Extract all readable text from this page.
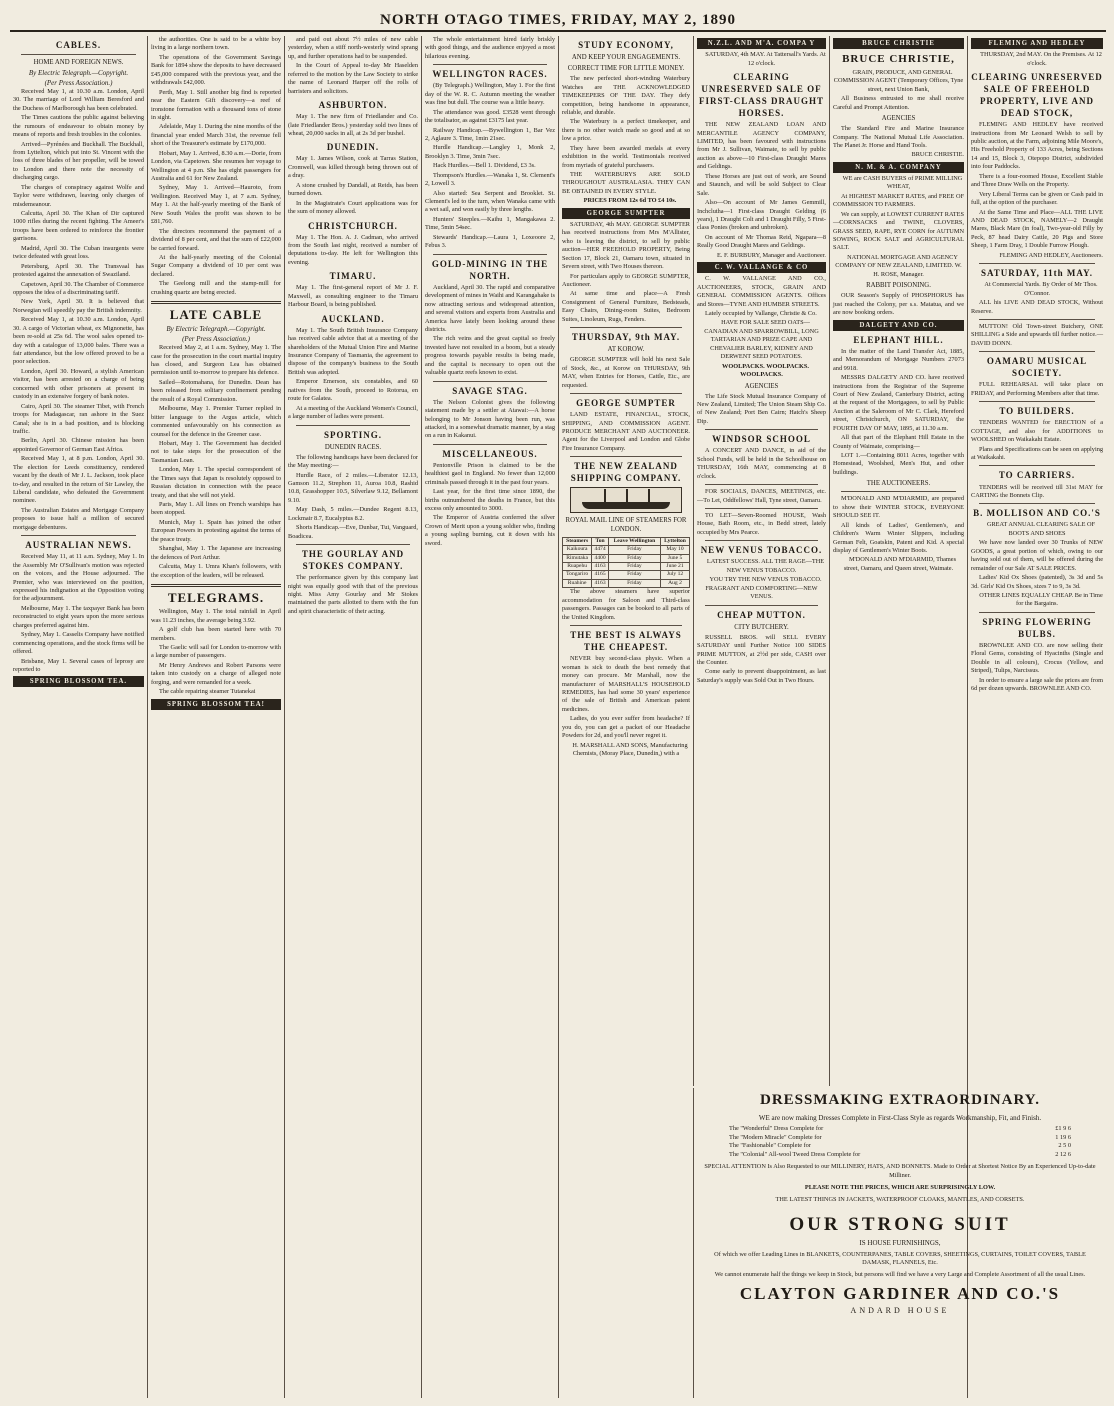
NORTH OTAGO TIMES, FRIDAY, MAY 2, 1890
CABLES.
HOME AND FOREIGN NEWS.
By Electric Telegraph.—Copyright.
(Per Press Association.)

Received May 1, at 10.30 a.m. London, April 30. The marriage of Lord William Beresford and the Duchess of Marlborough has been celebrated.

The Times cautions the public against believing the rumours of endeavour to obtain money by means of reports and fresh troubles in the colonies.

Arrived—Pyrénées and Buckhall. The Buckhall, from Lyttelton, which put into St. Vincent with the loss of three blades of her propeller, will be towed to London and there note the necessity of discharging cargo.

The charges of conspiracy against Wolfe and Taylor were withdrawn, leaving only charges of misdemeanour.

Calcutta, April 30. The Khan of Dir captured 1000 rifles during the recent fighting. The Ameer's troops have been ordered to reinforce the frontier garrisons.

Madrid, April 30. The Cuban insurgents were twice defeated with great loss.

Petersburg, April 30. The Transvaal has protested against the annexation of Swaziland.

Capetown, April 30. The Chamber of Commerce opposes the idea of a discriminating tariff.

New York, April 30. It is believed that Norwegian will speedily pay the British indemnity.

Received May 1, at 10.30 a.m. London, April 30. A cargo of Victorian wheat, ex Mignonette, has been re-sold at 25s 6d. The wool sales opened to-day with a catalogue of 13,000 bales. There was a fair attendance, but the low offered proved to be a poor selection.

London, April 30. Howard, a stylish American visitor, has been arrested on a charge of being concerned with other prisoners at present in custody in an extensive forgery of bank notes.

Cairo, April 30. The steamer Tibet, with French troops for Madagascar, ran ashore in the Suez Canal; she is in a bad position, and is blocking traffic.

Berlin, April 30. Chinese mission has been appointed Governor of German East Africa.

Received May 1, at 8 p.m. London, April 30. The election for Leeds constituency, rendered vacant by the death of Mr J. L. Jackson, took place to-day, and resulted in the return of Sir Lawley, the Liberal candidate, who defeated the Government nominee.

The Australian Estates and Mortgage Company proposes to issue half a million of secured mortgage debentures.

AUSTRALIAN NEWS.

Received May 11, at 11 a.m. Sydney, May 1. In the Assembly Mr O'Sullivan's motion was rejected on the voices, and the House adjourned. The Premier, who was interviewed on the position, expressed his indignation at the Opposition voting for the adjournment.

Melbourne, May 1. The taxpayer Bank has been reconstructed to eight years upon the more serious charges preferred against him.

Sydney, May 1. Casselis Company have notified commencing operations, and the stock firms will be offered.

Brisbane, May 1. Several cases of leprosy are reported to

SPRING BLOSSOM TEA.

the authorities. One is said to be a white boy living in a large northern town.

The operations of the Government Savings Bank for 1894 show the deposits to have decreased £45,000 compared with the previous year, and the withdrawals £42,000.

Perth, May 1. Still another big find is reported near the Eastern Gift discovery—a reef of ironstone formation with a thousand tons of stone in sight.

Adelaide, May 1. During the nine months of the financial year ended March 31st, the revenue fell short of the Treasurer's estimate by £170,000.

Hobart, May 1. Arrived, 8.30 a.m.—Dorie, from London, via Capetown. She resumes her voyage to Wellington at 4 p.m. She has eight passengers for Australia and 61 for New Zealand.

Sydney, May 1. Arrived—Hauroto, from Wellington. Received May 1, at 7 a.m. Sydney, May 1. At the half-yearly meeting of the Bank of New South Wales the profit was shown to be £81,760.

The directors recommend the payment of a dividend of 8 per cent, and that the sum of £22,000 be carried forward.

At the half-yearly meeting of the Colonial Sugar Company a dividend of 10 per cent was declared.

The Geelong mill and the stamp-mill for crushing quartz are being erected.

LATE CABLE
By Electric Telegraph.—Copyright.
(Per Press Association.)

Received May 2, at 1 a.m. Sydney, May 1. The case for the prosecution in the court martial inquiry has closed, and Surgeon Lea has obtained permission until to-morrow to prepare his defence.

Sailed—Rotomahana, for Dunedin. Dean has been released from solitary confinement pending the result of a Royal Commission.

Melbourne, May 1. Premier Turner replied in bitter language to the Argus article, which commented unfavourably on his connection as counsel for the defence in the Greener case.

Hobart, May 1. The Government has decided not to take steps for the prosecution of the Tasmanian Loan.

London, May 1. The special correspondent of the Times says that Japan is resolutely opposed to Russian dictation in connection with the peace treaty, and that she will not yield.

Paris, May 1. All lines on French warships has been stopped.

Munich, May 1. Spain has joined the other European Powers in protesting against the terms of the peace treaty.

Shanghai, May 1. The Japanese are increasing the defences of Port Arthur.

Calcutta, May 1. Umra Khan's followers, with the exception of the leaders, will be released.

TELEGRAMS.

Wellington, May 1. The total rainfall in April was 11.23 inches, the average being 3.92.

A golf club has been started here with 70 members.

The Gaelic will sail for London to-morrow with a large number of passengers.

Mr Henry Andrews and Robert Parsons were taken into custody on a charge of alleged note forging, and were remanded for a week.

The cable repairing steamer Tutanekai

SPRING BLOSSOM TEA!

and paid out about 7½ miles of new cable yesterday, when a stiff north-westerly wind sprang up, and further operations had to be suspended.

In the Court of Appeal to-day Mr Haselden referred to the motion by the Law Society to strike the name of Leonard Harper off the rolls of barristers and solicitors.

ASHBURTON.

May 1. The new firm of Friedlander and Co. (late Friedlander Bros.) yesterday sold two lines of wheat, 20,000 sacks in all, at 2s 3d per bushel.

DUNEDIN.

May 1. James Wilson, cook at Tarras Station, Cromwell, was killed through being thrown out of a dray.

A stone crushed by Dandall, at Reids, has been burned down.

In the Magistrate's Court applications was for the sum of money allowed.

CHRISTCHURCH.

May 1. The Hon. A. J. Cadman, who arrived from the South last night, received a number of deputations to-day. He left for Wellington this evening.

TIMARU.

May 1. The first-general report of Mr J. F. Maxwell, as consulting engineer to the Timaru Harbour Board, is being published.

AUCKLAND.

May 1. The South British Insurance Company has received cable advice that at a meeting of the shareholders of the Mutual Union Fire and Marine Insurance Company of Tasmania, the agreement to dispose of the company's business to the South British was adopted.

Emperor Emerson, six constables, and 60 natives from the South, proceed to Rotorua, en route for Galatea.

At a meeting of the Auckland Women's Council, a large number of ladies were present.

SPORTING.
DUNEDIN RACES.

The following handicaps have been declared for the May meeting:—

Hurdle Race, of 2 miles.—Liberator 12.13, Gamson 11.2, Strephon 11, Auroa 10.8, Rashid 10.8, Grasshopper 10.5, Silverlaw 9.12, Bellamont 9.10.

May Dash, 5 miles.—Dundee Regent 8.13, Lockmair 8.7, Eucalyptus 8.2.

Shorts Handicap.—Eve, Dunbar, Tui, Vanguard, Boadicea.

THE GOURLAY AND STOKES COMPANY.

The performance given by this company last night was equally good with that of the previous night. Miss Amy Gourlay and Mr Stokes maintained the parts allotted to them with the fun and spirit characteristic of their acting.

The whole entertainment hired fairly briskly with good things, and the audience enjoyed a most hilarious evening.

WELLINGTON RACES.

(By Telegraph.) Wellington, May 1. For the first day of the W. R. C. Autumn meeting the weather was fine but dull. The course was a little heavy.

The attendance was good. £3528 went through the totalisator, as against £3175 last year.

Railway Handicap.—Bywellington 1, Bar Vez 2, Aglaure 3. Time, 1min 21sec.

Hurdle Handicap.—Langley 1, Monk 2, Brooklyn 3. Time, 3min 7sec.

Hack Hurdles.—Bell 1. Dividend, £3 3s.

Thompson's Hurdles.—Wanaka 1, St. Clement's 2, Lowell 3.

Also started: Sea Serpent and Brooklet. St. Clement's led to the turn, when Wanaka came with a wet sail, and won easily by three lengths.

Hunters' Steeples.—Kaihu 1, Mangakawa 2. Time, 5min 54sec.

Stewards' Handicap.—Laura 1, Loxeoore 2, Febus 3.

GOLD-MINING IN THE NORTH.

Auckland, April 30. The rapid and comparative development of mines in Waihi and Karangahake is now attracting serious and widespread attention, and several visitors and experts from Australia and America have lately been looking around these districts.

The rich veins and the great capital so freely invested have not resulted in a boom, but a steady progress towards payable results is being made, and the capital is necessary to open out the valuable quartz reefs known to exist.

SAVAGE STAG.

The Nelson Colonist gives the following statement made by a settler at Atawai:—A horse belonging to Mr Jonson having been run, was attacked, in a somewhat dramatic manner, by a stag on a run in Kakanui.

MISCELLANEOUS.

Pentonville Prison is claimed to be the healthiest gaol in England. No fewer than 12,000 criminals passed through it in the past four years.

Last year, for the first time since 1890, the births outnumbered the deaths in France, but this excess only amounted to 3000.

The Emperor of Austria conferred the silver Crown of Merit upon a young soldier who, finding a young sapling burning, cut it down with his sword.

STUDY ECONOMY,
AND KEEP YOUR ENGAGEMENTS.
CORRECT TIME FOR LITTLE MONEY.

The new perfected short-winding Waterbury Watches are THE ACKNOWLEDGED TIMEKEEPERS OF THE DAY. They defy competition, being handsome in appearance, reliable, and durable.

The Waterbury is a perfect timekeeper, and there is no other watch made so good and at so low a price.

They have been awarded medals at every exhibition in the world. Testimonials received from myriads of grateful purchasers.

THE WATERBURYS ARE SOLD THROUGHOUT AUSTRALASIA. THEY CAN BE OBTAINED IN EVERY STYLE.

PRICES FROM 12s 6d TO £4 10s.

GEORGE SUMPTER

SATURDAY, 4th MAY. GEORGE SUMPTER has received instructions from Mrs M'Allister, who is leaving the district, to sell by public auction—HER FREEHOLD PROPERTY, Being Section 17, Block 21, Oamaru town, situated in Severn street, with Two Houses thereon.

For particulars apply to GEORGE SUMPTER, Auctioneer.

At same time and place—A Fresh Consignment of General Furniture, Bedsteads, Easy Chairs, Dining-room Suites, Bedroom Suites, Linoleum, Rugs, Fenders.

THURSDAY, 9th MAY.
AT KOROW.

GEORGE SUMPTER will hold his next Sale of Stock, &c., at Korow on THURSDAY, 9th MAY, when Entries for Horses, Cattle, Etc., are requested.

GEORGE SUMPTER

LAND ESTATE, FINANCIAL, STOCK, SHIPPING, AND COMMISSION AGENT. PRODUCE MERCHANT AND AUCTIONEER. Agent for the Liverpool and London and Globe Fire Insurance Company.

THE NEW ZEALAND SHIPPING COMPANY.
ROYAL MAIL LINE OF STEAMERS FOR LONDON.
Steamers	Ton	Leave Wellington	Lyttelton
Kaikoura	4474	Friday	May 10
Rimutaka	4400	Friday	June 5
Ruapehu	4163	Friday	June 21
Tongariro	4165	Friday	July 12
Ruahine	4163	Friday	Aug 2

The above steamers have superior accommodation for Saloon and Third-class passengers. Passages can be booked to all parts of the United Kingdom.

THE BEST IS ALWAYS THE CHEAPEST.

NEVER buy second-class physic. When a woman is sick to death the best remedy that money can procure. Mr Marshall, now the manufacturer of MARSHALL'S HOUSEHOLD REMEDIES, has had some 30 years' experience of the sale of British and American patent medicines.

Ladies, do you ever suffer from headache? If you do, you can get a packet of our Headache Powders for 2d, and you'll never regret it.

H. MARSHALL AND SONS, Manufacturing Chemists, (Moray Place, Dunedin,) with a

N.Z.L. AND M'A. COMPA Y

SATURDAY, 4th MAY. At Tattersall's Yards. At 12 o'clock.

CLEARING UNRESERVED SALE OF FIRST-CLASS DRAUGHT HORSES.

THE NEW ZEALAND LOAN AND MERCANTILE AGENCY COMPANY, LIMITED, has been favoured with instructions from Mr J. Sullivan, Waimate, to sell by public auction as above—10 First-class Draught Mares and Geldings.

These Horses are just out of work, are Sound and Staunch, and will be sold Subject to Clear Sale.

Also—On account of Mr James Gemmill, Inchclutha—1 First-class Draught Gelding (6 years), 1 Draught Colt and 1 Draught Filly, 5 First-class Ponies (broken and unbroken).

On account of Mr Thomas Reid, Ngapara—8 Really Good Draught Mares and Geldings.

E. F. BURBURY, Manager and Auctioneer.

C. W. VALLANGE & CO

C. W. VALLANGE AND CO., AUCTIONEERS, STOCK, GRAIN AND GENERAL COMMISSION AGENTS. Offices and Stores—TYNE AND HUMBER STREETS.

Lately occupied by Vallange, Christie & Co.

HAVE FOR SALE SEED OATS—CANADIAN AND SPARROWBILL, LONG TARTARIAN AND PRIZE CAPE AND CHEVALIER BARLEY, KIDNEY AND DERWENT SEED POTATOES.

WOOLPACKS. WOOLPACKS. WOOLPACKS.

AGENCIES

The Life Stock Mutual Insurance Company of New Zealand, Limited; The Union Steam Ship Co. of New Zealand; Port Ben Cairn; Hatch's Sheep Dip.

WINDSOR SCHOOL

A CONCERT AND DANCE, in aid of the School Funds, will be held in the Schoolhouse on THURSDAY, 16th MAY, commencing at 8 o'clock.

FOR SOCIALS, DANCES, MEETINGS, etc.—To Let, Oddfellows' Hall, Tyne street, Oamaru.

TO LET—Seven-Roomed HOUSE, Wash House, Bath Room, etc., in Bedd street, lately occupied by Mrs Pearce.

NEW VENUS TOBACCO.

LATEST SUCCESS. ALL THE RAGE—THE NEW VENUS TOBACCO.

YOU TRY THE NEW VENUS TOBACCO. FRAGRANT AND COMFORTING—NEW VENUS.

CHEAP MUTTON.
CITY BUTCHERY.

RUSSELL BROS. will SELL EVERY SATURDAY until Further Notice 100 SIDES PRIME MUTTON, at 2½d per side, CASH over the Counter.

Come early to prevent disappointment, as last Saturday's supply was Sold Out in Two Hours.

BRUCE CHRISTIE
BRUCE CHRISTIE,

GRAIN, PRODUCE, AND GENERAL COMMISSION AGENT (Temporary Offices, Tyne street, next Union Bank,

All Business entrusted to me shall receive Careful and Prompt Attention.

AGENCIES

The Standard Fire and Marine Insurance Company. The National Mutual Life Association. The Planet Jr. Horse and Hand Tools.

BRUCE CHRISTIE.

N. M. & A. COMPANY

WE are CASH BUYERS of PRIME MILLING WHEAT,

At HIGHEST MARKET RATES, and FREE OF COMMISSION TO FARMERS.

We can supply, at LOWEST CURRENT RATES—CORNSACKS and TWINE, CLOVERS, GRASS SEED, RAPE, RYE CORN for AUTUMN SOWING, ROCK SALT and AGRICULTURAL SALT.

NATIONAL MORTGAGE AND AGENCY COMPANY OF NEW ZEALAND, LIMITED. W. H. ROSE, Manager.

RABBIT POISONING.

OUR Season's Supply of PHOSPHORUS has just reached the Colony, per s.s. Matatua, and we are now booking orders.

DALGETY AND CO.
ELEPHANT HILL.

In the matter of the Land Transfer Act, 1885, and Memorandum of Mortgage Numbers 27073 and 9918.

MESSRS DALGETY AND CO. have received instructions from the Registrar of the Supreme Court of New Zealand, Canterbury District, acting at the request of the Mortgagees, to sell by Public Auction at the Saleroom of Mr C. Clark, Hereford street, Christchurch, ON SATURDAY, the FOURTH DAY OF MAY, 1895, at 11.30 a.m.

All that part of the Elephant Hill Estate in the County of Waimate, comprising—

LOT 1.—Containing 8011 Acres, together with Homestead, Woolshed, Men's Hut, and other buildings.

THE AUCTIONEERS.

M'DONALD AND M'DIARMID, are prepared to show their WINTER STOCK, EVERYONE SHOULD SEE IT.

All kinds of Ladies', Gentlemen's, and Children's Warm Winter Slippers, including German Felt, Goatskin, Patent and Kid. A special display of Gentlemen's Winter Boots.

M'DONALD AND M'DIARMID, Thames street, Oamaru, and Queen street, Waimate.

FLEMING AND HEDLEY

THURSDAY, 2nd MAY. On the Premises. At 12 o'clock.

CLEARING UNRESERVED SALE OF FREEHOLD PROPERTY, LIVE AND DEAD STOCK,

FLEMING AND HEDLEY have received instructions from Mr Leonard Welsh to sell by public auction, at the Farm, adjoining Mile Moore's, His Freehold Property of 133 Acres, being Sections 14 and 15, Block 3, Otepopo District, subdivided into four Paddocks.

There is a four-roomed House, Excellent Stable and Three Draw Wells on the Property.

Very Liberal Terms can be given or Cash paid in full, at the option of the purchaser.

At the Same Time and Place—ALL THE LIVE AND DEAD STOCK, NAMELY—2 Draught Mares, Black Mare (in foal), Two-year-old Filly by Peck, 87 head Dairy Cattle, 20 Pigs and Store Sheep, 1 Farm Dray, 1 Double Furrow Plough.

FLEMING AND HEDLEY, Auctioneers.

SATURDAY, 11th MAY.

At Commercial Yards. By Order of Mr Thos. O'Connor.

ALL his LIVE AND DEAD STOCK, Without Reserve.

MUTTON! Old Town-street Butchery, ONE SHILLING a Side and upwards till further notice.—DAVID DONN.

OAMARU MUSICAL SOCIETY.

FULL REHEARSAL will take place on FRIDAY, and Performing Members after that time.

TO BUILDERS.

TENDERS WANTED for ERECTION of a COTTAGE, and also for ADDITIONS to WOOLSHED on Waikakahi Estate.

Plans and Specifications can be seen on applying at Waikakahi.

TO CARRIERS.

TENDERS will be received till 31st MAY for CARTING the Bonnets Clip.

B. MOLLISON AND CO.'S

GREAT ANNUAL CLEARING SALE OF BOOTS AND SHOES

We have now landed over 30 Trunks of NEW GOODS, a great portion of which, owing to our having sold out of them, will be offered during the remainder of our Sale AT SALE PRICES.

Ladies' Kid Ox Shoes (patented), 3s 3d and 5s 3d. Girls' Kid Ox Shoes, sizes 7 to 9, 3s 3d.

OTHER LINES EQUALLY CHEAP. Be in Time for the Bargains.

SPRING FLOWERING BULBS.

BROWNLEE AND CO. are now selling their Floral Gems, consisting of Hyacinths (Single and Double in all colours), Crocus (Yellow, and Striped), Tulips, Narcissus.

In order to ensure a large sale the prices are from 6d per dozen upwards. BROWNLEE AND CO.

DRESSMAKING EXTRAORDINARY.
WE are now making Dresses Complete in First-Class Style as regards Workmanship, Fit, and Finish.
The "Wonderful" Dress Complete for	£1 9 6
The "Modern Miracle" Complete for	1 19 6
The "Fashionable" Complete for	2 5 0
The "Colonial" All-wool Tweed Dress Complete for	2 12 6

SPECIAL ATTENTION Is Also Requested to our MILLINERY, HATS, AND BONNETS. Made to Order at Shortest Notice By an Experienced Up-to-date Milliner.

PLEASE NOTE THE PRICES, WHICH ARE SURPRISINGLY LOW.

THE LATEST THINGS IN JACKETS, WATERPROOF CLOAKS, MANTLES, AND CORSETS.

OUR STRONG SUIT
IS HOUSE FURNISHINGS,

Of which we offer Leading Lines in BLANKETS, COUNTERPANES, TABLE COVERS, SHEETINGS, CURTAINS, TOILET COVERS, TABLE DAMASK, FLANNELS, Etc.

We cannot enumerate half the things we keep in Stock, but persons will find we have a very Large and Complete Assortment of all the usual Lines.

CLAYTON GARDINER AND CO.'S
ANDARD HOUSE
